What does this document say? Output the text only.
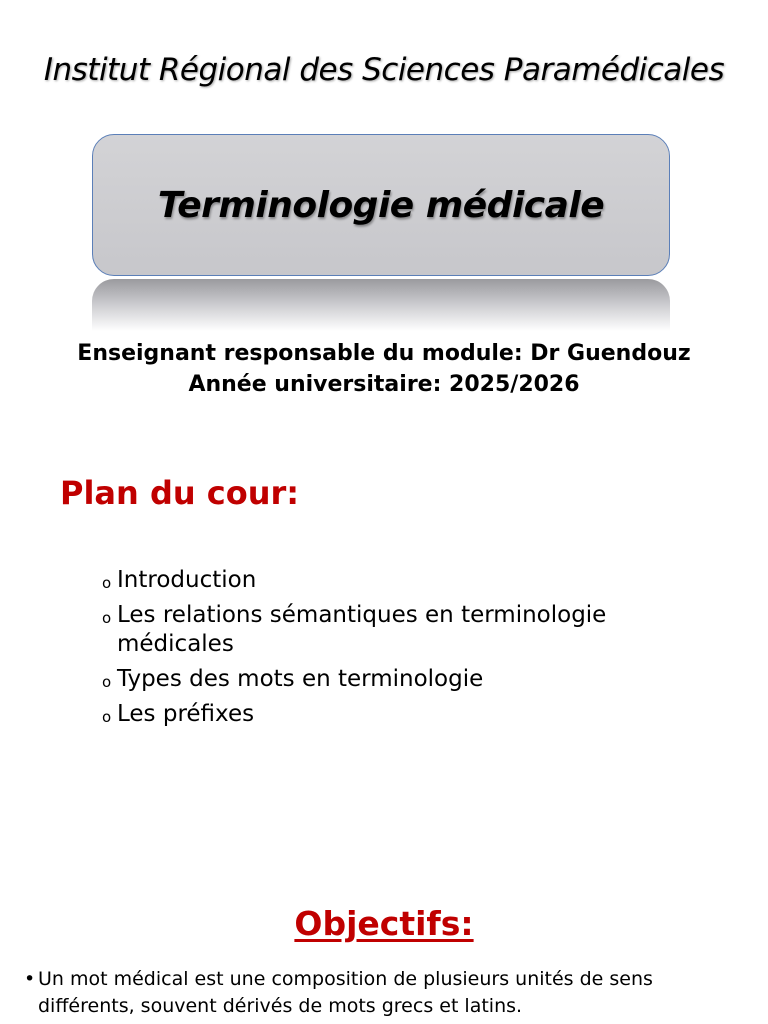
Institut Régional des Sciences Paramédicales
Terminologie médicale
Enseignant responsable du module: Dr Guendouz
Année universitaire: 2025/2026
Plan du cour:
o Introduction
o Les relations sémantiques en terminologie médicales
o Types des mots en terminologie
o Les préfixes
Objectifs:
• Un mot médical est une composition de plusieurs unités de sens différents, souvent dérivés de mots grecs et latins.
